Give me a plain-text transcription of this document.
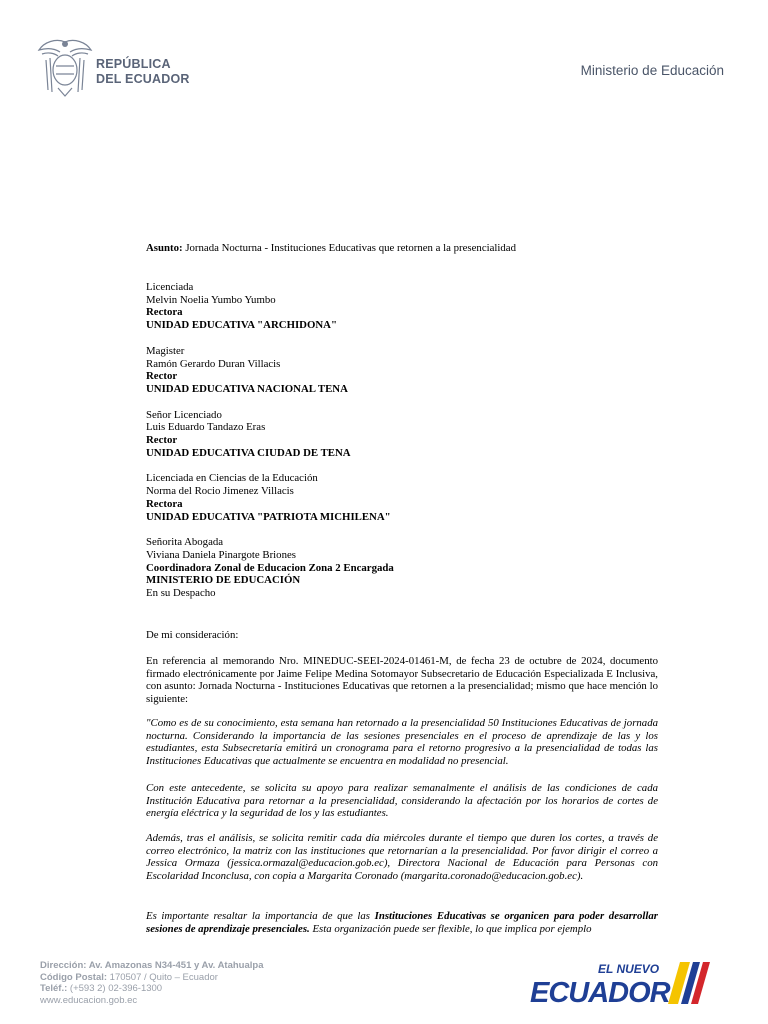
REPÚBLICA
DEL ECUADOR
Ministerio de Educación
Asunto: Jornada Nocturna - Instituciones Educativas que retornen a la presencialidad
Licenciada
Melvin Noelia Yumbo Yumbo
Rectora
UNIDAD EDUCATIVA "ARCHIDONA"
Magister
Ramón Gerardo Duran Villacis
Rector
UNIDAD EDUCATIVA NACIONAL TENA
Señor Licenciado
Luis Eduardo Tandazo Eras
Rector
UNIDAD EDUCATIVA CIUDAD DE TENA
Licenciada en Ciencias de la Educación
Norma del Rocio Jimenez Villacis
Rectora
UNIDAD EDUCATIVA "PATRIOTA MICHILENA"
Señorita Abogada
Viviana Daniela Pinargote Briones
Coordinadora Zonal de Educacion Zona 2 Encargada
MINISTERIO DE EDUCACIÓN
En su Despacho
De mi consideración:
En referencia al memorando Nro. MINEDUC-SEEI-2024-01461-M, de fecha 23 de octubre de 2024, documento firmado electrónicamente por Jaime Felipe Medina Sotomayor Subsecretario de Educación Especializada E Inclusiva, con asunto: Jornada Nocturna - Instituciones Educativas que retornen a la presencialidad; mismo que hace mención lo siguiente:
"Como es de su conocimiento, esta semana han retornado a la presencialidad 50 Instituciones Educativas de jornada nocturna. Considerando la importancia de las sesiones presenciales en el proceso de aprendizaje de las y los estudiantes, esta Subsecretaría emitirá un cronograma para el retorno progresivo a la presencialidad de todas las Instituciones Educativas que actualmente se encuentra en modalidad no presencial.
Con este antecedente, se solicita su apoyo para realizar semanalmente el análisis de las condiciones de cada Institución Educativa para retornar a la presencialidad, considerando la afectación por los horarios de cortes de energía eléctrica y la seguridad de los y las estudiantes.
Además, tras el análisis, se solicita remitir cada día miércoles durante el tiempo que duren los cortes, a través de correo electrónico, la matriz con las instituciones que retornarían a la presencialidad. Por favor dirigir el correo a Jessica Ormaza (jessica.ormazal@educacion.gob.ec), Directora Nacional de Educación para Personas con Escolaridad Inconclusa, con copia a Margarita Coronado (margarita.coronado@educacion.gob.ec).
Es importante resaltar la importancia de que las Instituciones Educativas se organicen para poder desarrollar sesiones de aprendizaje presenciales. Esta organización puede ser flexible, lo que implica por ejemplo
Dirección: Av. Amazonas N34-451 y Av. Atahualpa
Código Postal: 170507 / Quito – Ecuador
Teléf.: (+593 2) 02-396-1300
www.educacion.gob.ec
EL NUEVO
ECUADOR
